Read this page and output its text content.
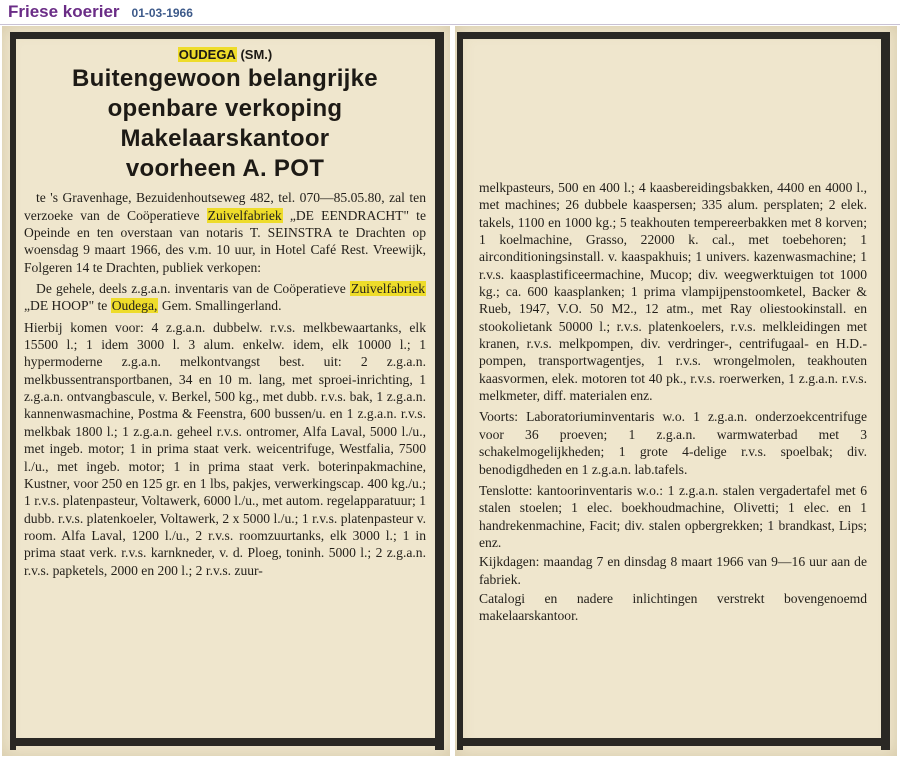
Friese koerier 01-03-1966

OUDEGA (SM.)

Buitengewoon belangrijke

openbare verkoping

Makelaarskantoor

voorheen A. POT

te 's Gravenhage, Bezuidenhoutseweg 482, tel. 070—85.05.80, zal ten verzoeke van de Coöperatieve Zuivelfabriek „DE EENDRACHT" te Opeinde en ten overstaan van notaris T. SEINSTRA te Drachten op woensdag 9 maart 1966, des v.m. 10 uur, in Hotel Café Rest. Vreewijk, Folgeren 14 te Drachten, publiek verkopen:

De gehele, deels z.g.a.n. inventaris van de Coöperatieve Zuivelfabriek „DE HOOP" te Oudega, Gem. Smallingerland.

Hierbij komen voor: 4 z.g.a.n. dubbelw. r.v.s. melkbewaartanks, elk 15500 l.; 1 idem 3000 l. 3 alum. enkelw. idem, elk 10000 l.; 1 hypermoderne z.g.a.n. melkontvangst best. uit: 2 z.g.a.n. melkbussentransportbanen, 34 en 10 m. lang, met sproei-inrichting, 1 z.g.a.n. ontvangbascule, v. Berkel, 500 kg., met dubb. r.v.s. bak, 1 z.g.a.n. kannenwasmachine, Postma & Feenstra, 600 bussen/u. en 1 z.g.a.n. r.v.s. melkbak 1800 l.; 1 z.g.a.n. geheel r.v.s. ontromer, Alfa Laval, 5000 l./u., met ingeb. motor; 1 in prima staat verk. weicentrifuge, Westfalia, 7500 l./u., met ingeb. motor; 1 in prima staat verk. boterinpakmachine, Kustner, voor 250 en 125 gr. en 1 lbs, pakjes, verwerkingscap. 400 kg./u.; 1 r.v.s. platenpasteur, Voltawerk, 6000 l./u., met autom. regelapparatuur; 1 dubb. r.v.s. platenkoeler, Voltawerk, 2 x 5000 l./u.; 1 r.v.s. platenpasteur v. room. Alfa Laval, 1200 l./u., 2 r.v.s. roomzuurtanks, elk 3000 l.; 1 in prima staat verk. r.v.s. karnkneder, v. d. Ploeg, toninh. 5000 l.; 2 z.g.a.n. r.v.s. papketels, 2000 en 200 l.; 2 r.v.s. zuur-

melkpasteurs, 500 en 400 l.; 4 kaasbereidingsbakken, 4400 en 4000 l., met machines; 26 dubbele kaaspersen; 335 alum. persplaten; 2 elek. takels, 1100 en 1000 kg.; 5 teakhouten tempereerbakken met 8 korven; 1 koelmachine, Grasso, 22000 k. cal., met toebehoren; 1 airconditioningsinstall. v. kaaspakhuis; 1 univers. kazenwasmachine; 1 r.v.s. kaasplastificeermachine, Mucop; div. weegwerktuigen tot 1000 kg.; ca. 600 kaasplanken; 1 prima vlampijpenstoomketel, Backer & Rueb, 1947, V.O. 50 M2., 12 atm., met Ray oliestookinstall. en stookolietank 50000 l.; r.v.s. platenkoelers, r.v.s. melkleidingen met kranen, r.v.s. melkpompen, div. verdringer-, centrifugaal- en H.D.-pompen, transportwagentjes, 1 r.v.s. wrongelmolen, teakhouten kaasvormen, elek. motoren tot 40 pk., r.v.s. roerwerken, 1 z.g.a.n. r.v.s. melkmeter, diff. materialen enz.

Voorts: Laboratoriuminventaris w.o. 1 z.g.a.n. onderzoekcentrifuge voor 36 proeven; 1 z.g.a.n. warmwaterbad met 3 schakelmogelijkheden; 1 grote 4-delige r.v.s. spoelbak; div. benodigdheden en 1 z.g.a.n. lab.tafels.

Tenslotte: kantoorinventaris w.o.: 1 z.g.a.n. stalen vergadertafel met 6 stalen stoelen; 1 elec. boekhoudmachine, Olivetti; 1 elec. en 1 handrekenmachine, Facit; div. stalen opbergrekken; 1 brandkast, Lips; enz.

Kijkdagen: maandag 7 en dinsdag 8 maart 1966 van 9—16 uur aan de fabriek.

Catalogi en nadere inlichtingen verstrekt bovengenoemd makelaarskantoor.
